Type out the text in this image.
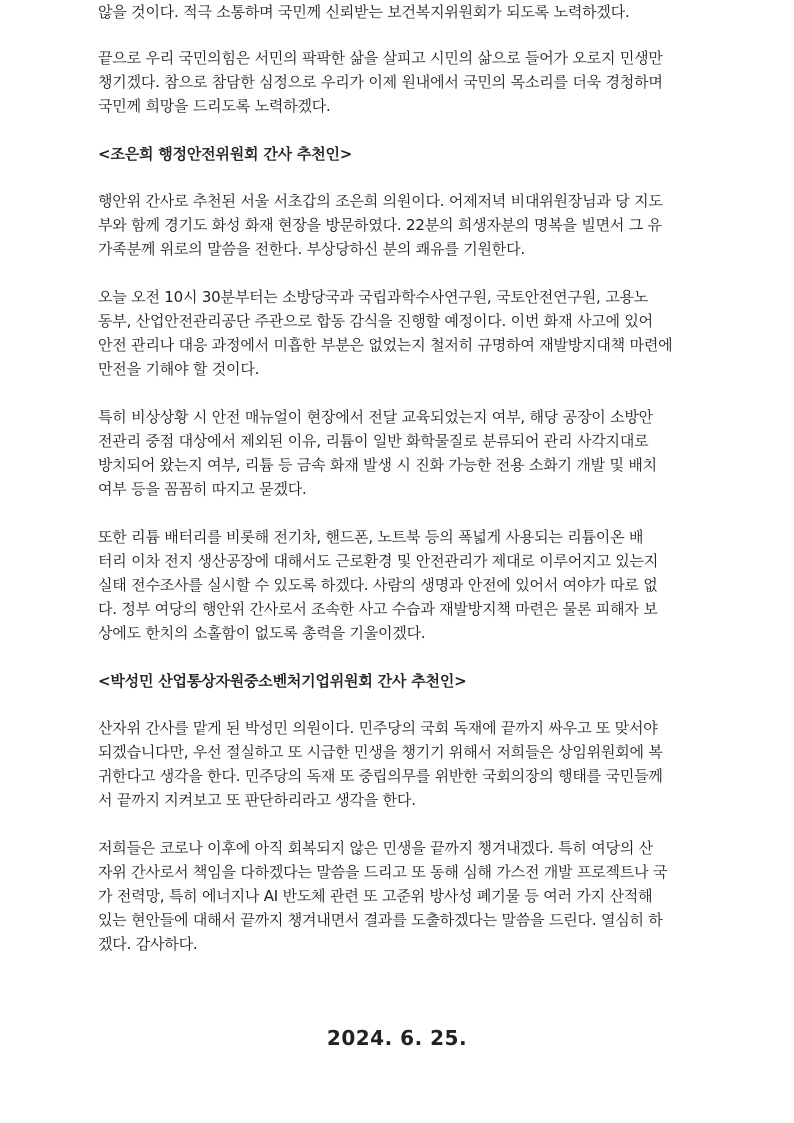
않을 것이다. 적극 소통하며 국민께 신뢰받는 보건복지위원회가 되도록 노력하겠다.

끝으로 우리 국민의힘은 서민의 팍팍한 삶을 살피고 시민의 삶으로 들어가 오로지 민생만
챙기겠다. 참으로 참담한 심정으로 우리가 이제 원내에서 국민의 목소리를 더욱 경청하며
국민께 희망을 드리도록 노력하겠다.

<조은희 행정안전위원회 간사 추천인>

행안위 간사로 추천된 서울 서초갑의 조은희 의원이다. 어제저녁 비대위원장님과 당 지도
부와 함께 경기도 화성 화재 현장을 방문하였다. 22분의 희생자분의 명복을 빌면서 그 유
가족분께 위로의 말씀을 전한다. 부상당하신 분의 쾌유를 기원한다.

오늘 오전 10시 30분부터는 소방당국과 국립과학수사연구원, 국토안전연구원, 고용노
동부, 산업안전관리공단 주관으로 합동 감식을 진행할 예정이다. 이번 화재 사고에 있어
안전 관리나 대응 과정에서 미흡한 부분은 없었는지 철저히 규명하여 재발방지대책 마련에
만전을 기해야 할 것이다.

특히 비상상황 시 안전 매뉴얼이 현장에서 전달 교육되었는지 여부, 해당 공장이 소방안
전관리 중점 대상에서 제외된 이유, 리튬이 일반 화학물질로 분류되어 관리 사각지대로
방치되어 왔는지 여부, 리튬 등 금속 화재 발생 시 진화 가능한 전용 소화기 개발 및 배치
여부 등을 꼼꼼히 따지고 묻겠다.

또한 리튬 배터리를 비롯해 전기차, 핸드폰, 노트북 등의 폭넓게 사용되는 리튬이온 배
터리 이차 전지 생산공장에 대해서도 근로환경 및 안전관리가 제대로 이루어지고 있는지
실태 전수조사를 실시할 수 있도록 하겠다. 사람의 생명과 안전에 있어서 여야가 따로 없
다. 정부 여당의 행안위 간사로서 조속한 사고 수습과 재발방지책 마련은 물론 피해자 보
상에도 한치의 소홀함이 없도록 총력을 기울이겠다.

<박성민 산업통상자원중소벤처기업위원회 간사 추천인>

산자위 간사를 맡게 된 박성민 의원이다. 민주당의 국회 독재에 끝까지 싸우고 또 맞서야
되겠습니다만, 우선 절실하고 또 시급한 민생을 챙기기 위해서 저희들은 상임위원회에 복
귀한다고 생각을 한다. 민주당의 독재 또 중립의무를 위반한 국회의장의 행태를 국민들께
서 끝까지 지켜보고 또 판단하리라고 생각을 한다.

저희들은 코로나 이후에 아직 회복되지 않은 민생을 끝까지 챙겨내겠다. 특히 여당의 산
자위 간사로서 책임을 다하겠다는 말씀을 드리고 또 동해 심해 가스전 개발 프로젝트나 국
가 전력망, 특히 에너지나 AI 반도체 관련 또 고준위 방사성 폐기물 등 여러 가지 산적해
있는 현안들에 대해서 끝까지 챙겨내면서 결과를 도출하겠다는 말씀을 드린다. 열심히 하
겠다. 감사하다.

2024. 6. 25.
